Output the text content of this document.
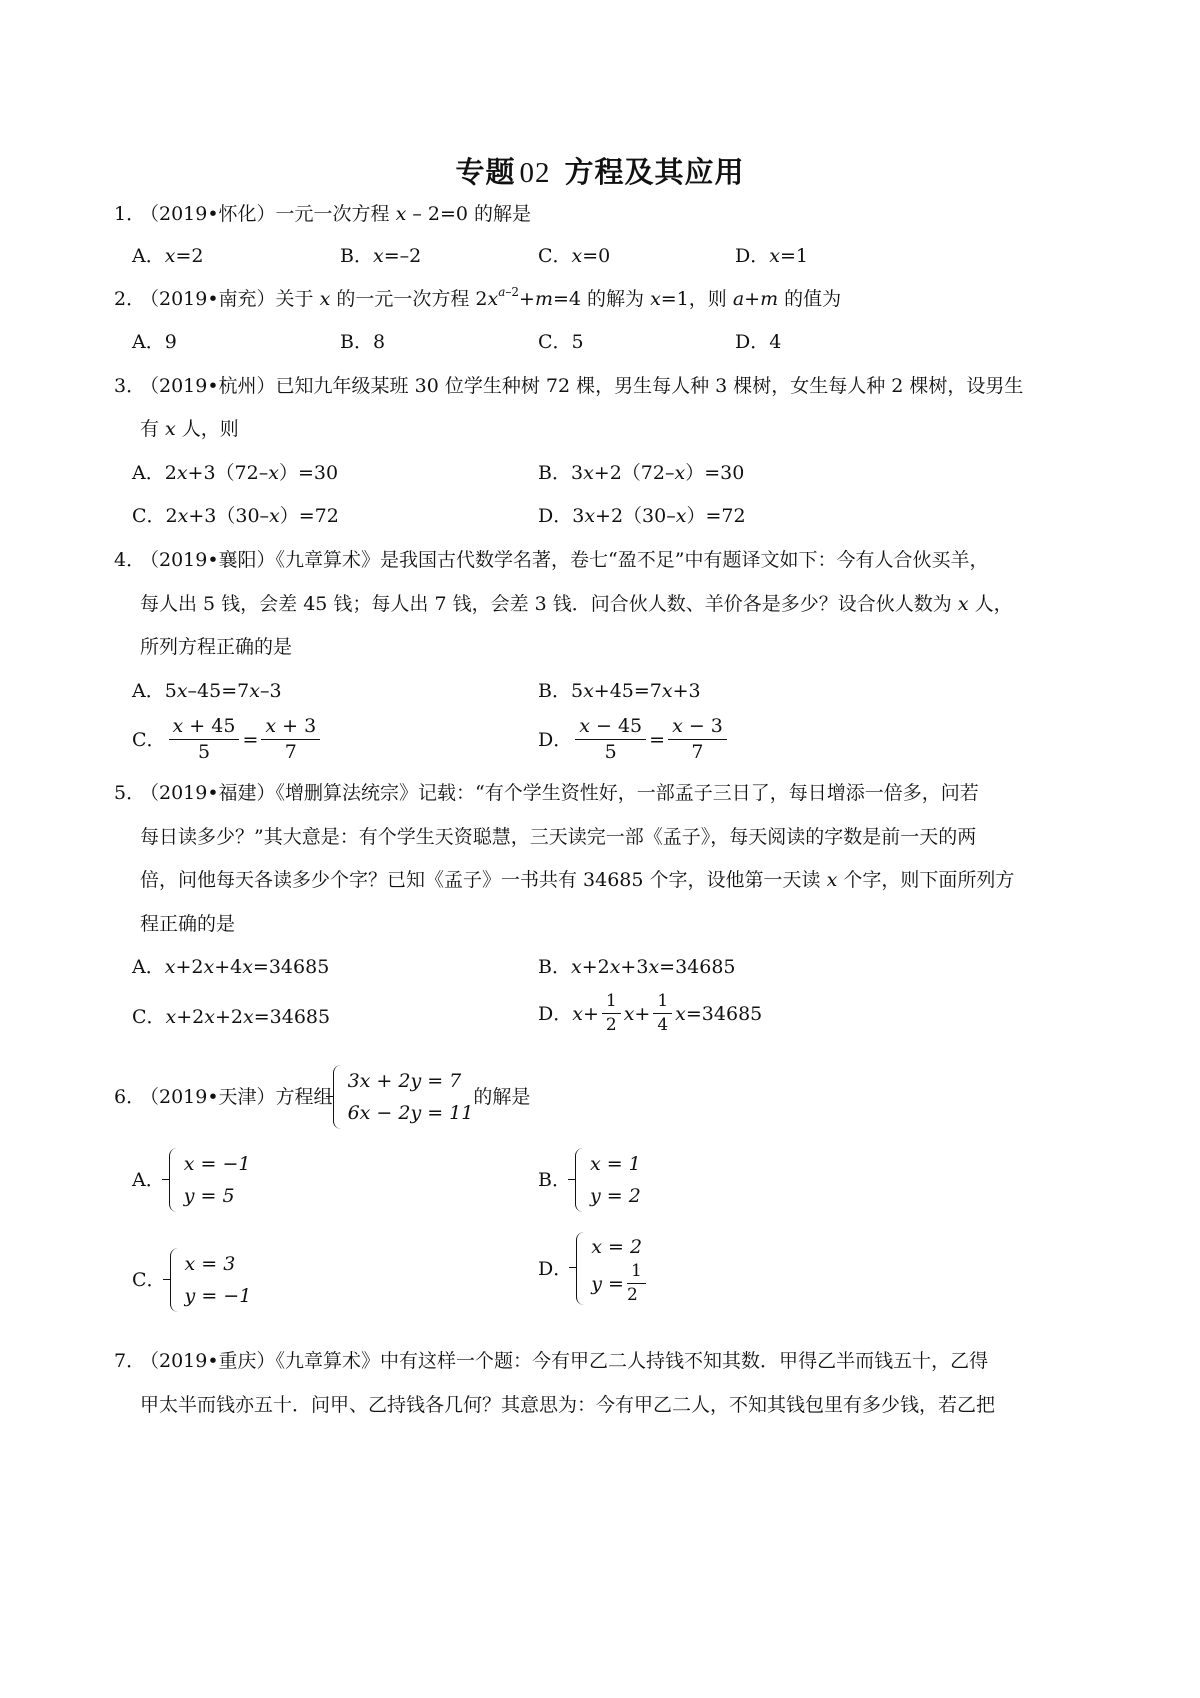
专题 02 方程及其应用
1．（2019•怀化）一元一次方程 x – 2=0 的解是
A．x=2	B．x=–2	C．x=0	D．x=1
2．（2019•南充）关于 x 的一元一次方程 $2x^{a-2}+m=4$ 的解为 x=1，则 a+m 的值为
A．9	B．8	C．5	D．4
3．（2019•杭州）已知九年级某班 30 位学生种树 72 棵，男生每人种 3 棵树，女生每人种 2 棵树，设男生
有 x 人，则
A．2x+3（72–x）=30	B．3x+2（72–x）=30
C．2x+3（30–x）=72	D．3x+2（30–x）=72
4．（2019•襄阳）《九章算术》是我国古代数学名著，卷七“盈不足”中有题译文如下：今有人合伙买羊，
每人出 5 钱，会差 45 钱；每人出 7 钱，会差 3 钱．问合伙人数、羊价各是多少？设合伙人数为 x 人，
所列方程正确的是
A．5x–45=7x–3	B．5x+45=7x+3
C． $\frac{x + 45}{5} = \frac{x + 3}{7}$	D． $\frac{x - 45}{5} = \frac{x - 3}{7}$
5．（2019•福建）《增删算法统宗》记载：“有个学生资性好，一部孟子三日了，每日增添一倍多，问若
每日读多少？”其大意是：有个学生天资聪慧，三天读完一部《孟子》，每天阅读的字数是前一天的两
倍，问他每天各读多少个字？已知《孟子》一书共有 34685 个字，设他第一天读 x 个字，则下面所列方
程正确的是
A．x+2x+4x=34685	B．x+2x+3x=34685
C．x+2x+2x=34685	D． $x + \frac{1}{2}$ $x + \frac{1}{4}$ x =34685
6．
（2019•天津）方程组
3x + 2y = 7
6x − 2y = 11
的解是
A．
x = −1
y = 5
B．
x = 1
y = 2
C．
x = 3
y = −1
D．
x = 2
$y = \frac{1}{2}$
7．（2019•重庆）《九章算术》中有这样一个题：今有甲乙二人持钱不知其数．甲得乙半而钱五十，乙得
甲太半而钱亦五十．问甲、乙持钱各几何？其意思为：今有甲乙二人，不知其钱包里有多少钱，若乙把
